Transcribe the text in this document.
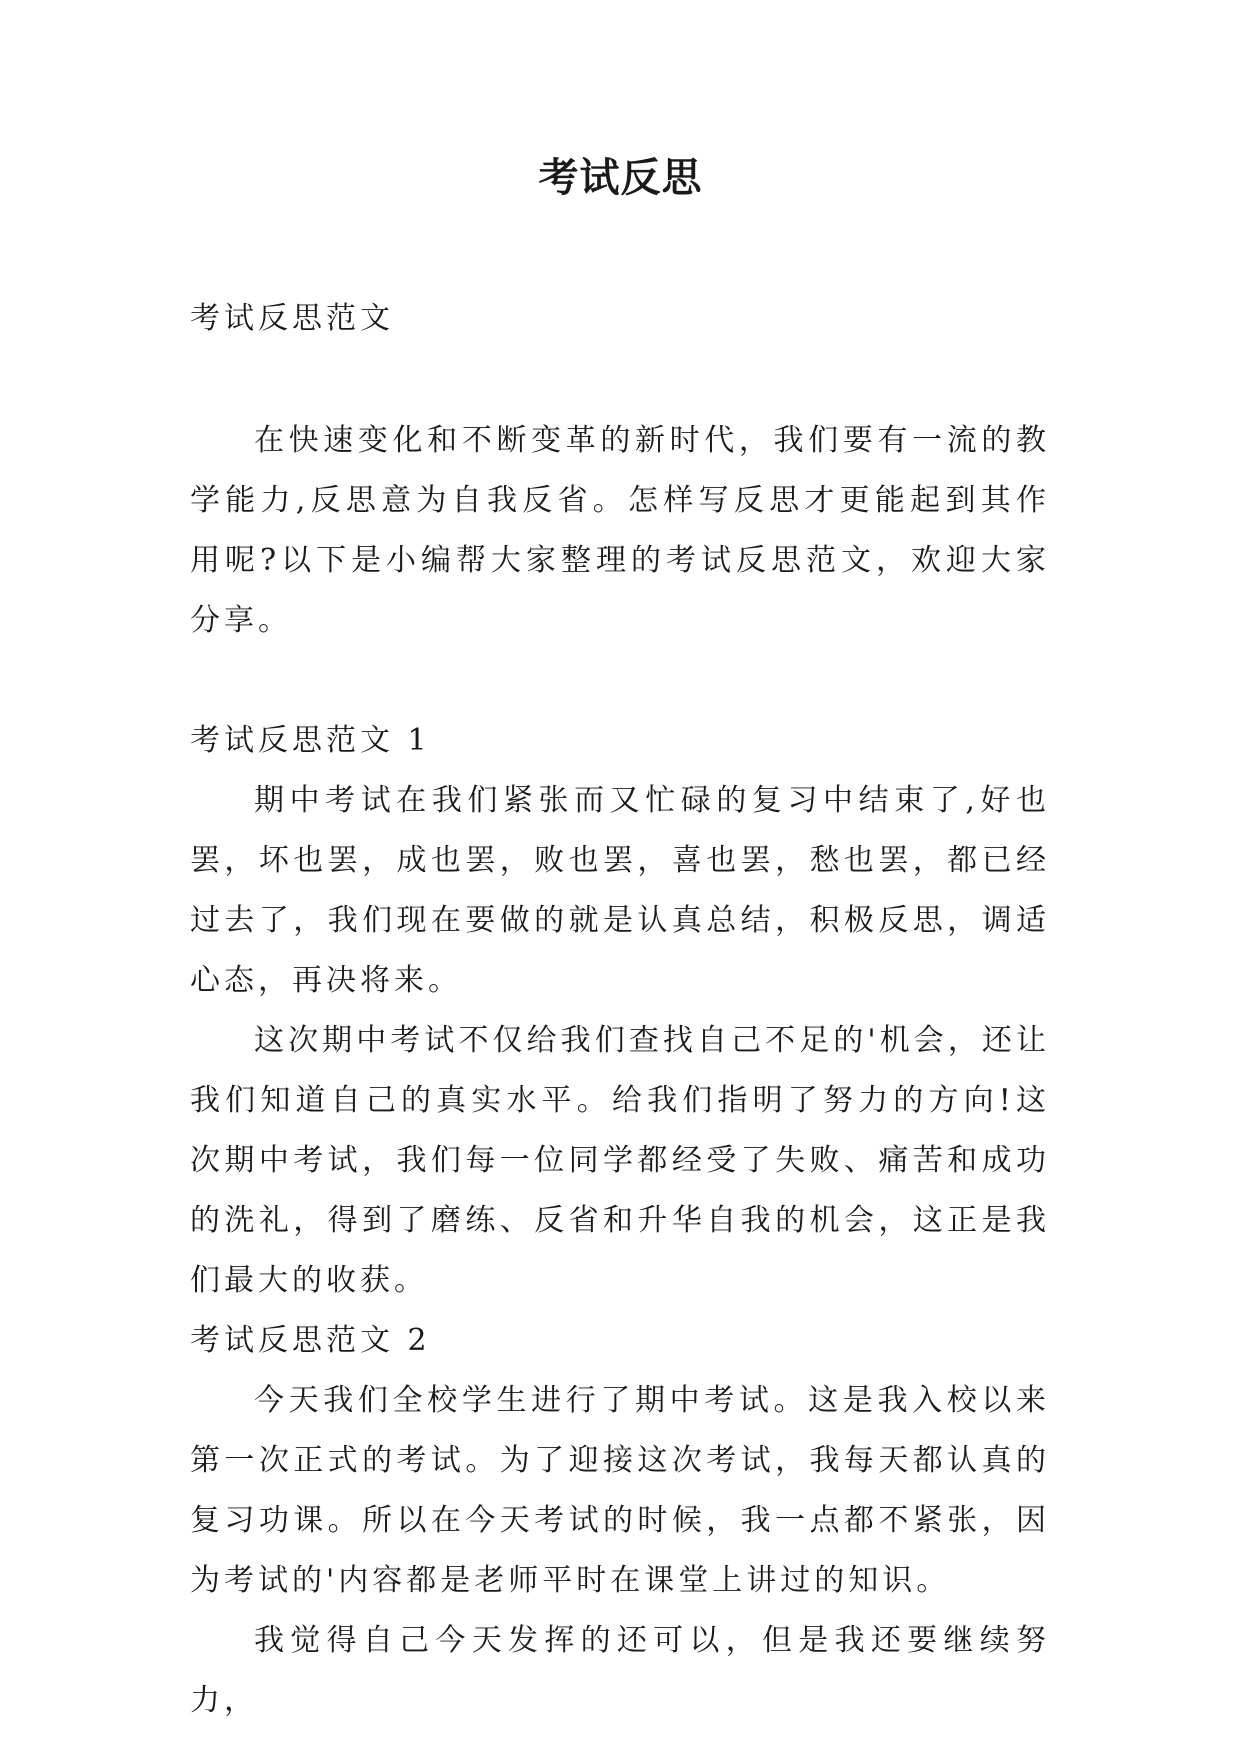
考试反思

考试反思范文

在快速变化和不断变革的新时代，我们要有一流的教学能力,反思意为自我反省。怎样写反思才更能起到其作用呢?以下是小编帮大家整理的考试反思范文，欢迎大家分享。

考试反思范文 1

期中考试在我们紧张而又忙碌的复习中结束了,好也罢，坏也罢，成也罢，败也罢，喜也罢，愁也罢，都已经过去了，我们现在要做的就是认真总结，积极反思，调适心态，再决将来。

这次期中考试不仅给我们查找自己不足的'机会，还让我们知道自己的真实水平。给我们指明了努力的方向!这次期中考试，我们每一位同学都经受了失败、痛苦和成功的洗礼，得到了磨练、反省和升华自我的机会，这正是我们最大的收获。

考试反思范文 2

今天我们全校学生进行了期中考试。这是我入校以来第一次正式的考试。为了迎接这次考试，我每天都认真的复习功课。所以在今天考试的时候，我一点都不紧张，因为考试的'内容都是老师平时在课堂上讲过的知识。

我觉得自己今天发挥的还可以，但是我还要继续努力，
